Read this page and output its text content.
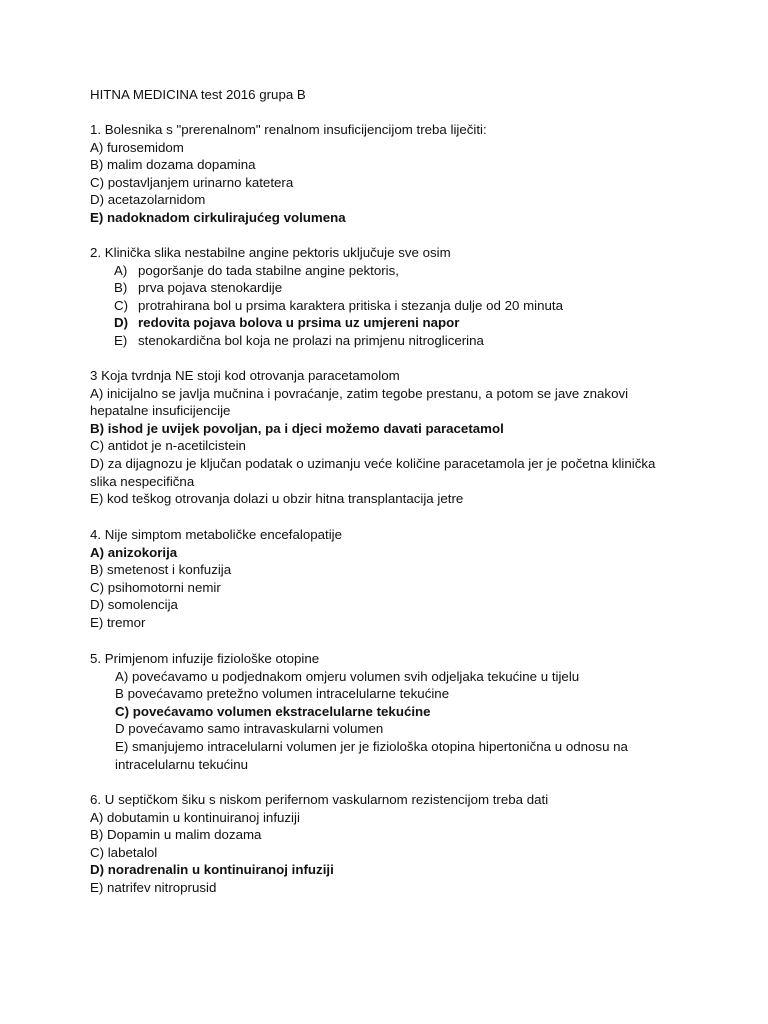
HITNA MEDICINA test 2016 grupa B
1. Bolesnika s "prerenalnom" renalnom insuficijencijom treba liječiti:
A) furosemidom
B) malim dozama dopamina
C) postavljanjem urinarno katetera
D) acetazolarnidom
E) nadoknadom cirkulirajućeg volumena
2. Klinička slika nestabilne angine pektoris uključuje sve osim
A) pogoršanje do tada stabilne angine pektoris,
B) prva pojava stenokardije
C) protrahirana bol u prsima karaktera pritiska i stezanja dulje od 20 minuta
D) redovita pojava bolova u prsima uz umjereni napor
E) stenokardična bol koja ne prolazi na primjenu nitroglicerina
3 Koja tvrdnja NE stoji kod otrovanja paracetamolom
A) inicijalno se javlja mučnina i povraćanje, zatim tegobe prestanu, a potom se jave znakovi hepatalne insuficijencije
B) ishod je uvijek povoljan, pa i djeci možemo davati paracetamol
C) antidot je n-acetilcistein
D) za dijagnozu je ključan podatak o uzimanju veće količine paracetamola jer je početna klinička slika nespecifična
E) kod teškog otrovanja dolazi u obzir hitna transplantacija jetre
4. Nije simptom metaboličke encefalopatije
A) anizokorija
B) smetenost i konfuzija
C) psihomotorni nemir
D) somolencija
E) tremor
5. Primjenom infuzije fiziološke otopine
A) povećavamo u podjednakom omjeru volumen svih odjeljaka tekućine u tijelu
B povećavamo pretežno volumen intracelularne tekućine
C) povećavamo volumen ekstracelularne tekućine
D povećavamo samo intravaskularni volumen
E) smanjujemo intracelularni volumen jer je fiziološka otopina hipertonična u odnosu na intracelularnu tekućinu
6. U septičkom šiku s niskom perifernom vaskularnom rezistencijom treba dati
A) dobutamin u kontinuiranoj infuziji
B) Dopamin u malim dozama
C) labetalol
D) noradrenalin u kontinuiranoj infuziji
E) natrifev nitroprusid
